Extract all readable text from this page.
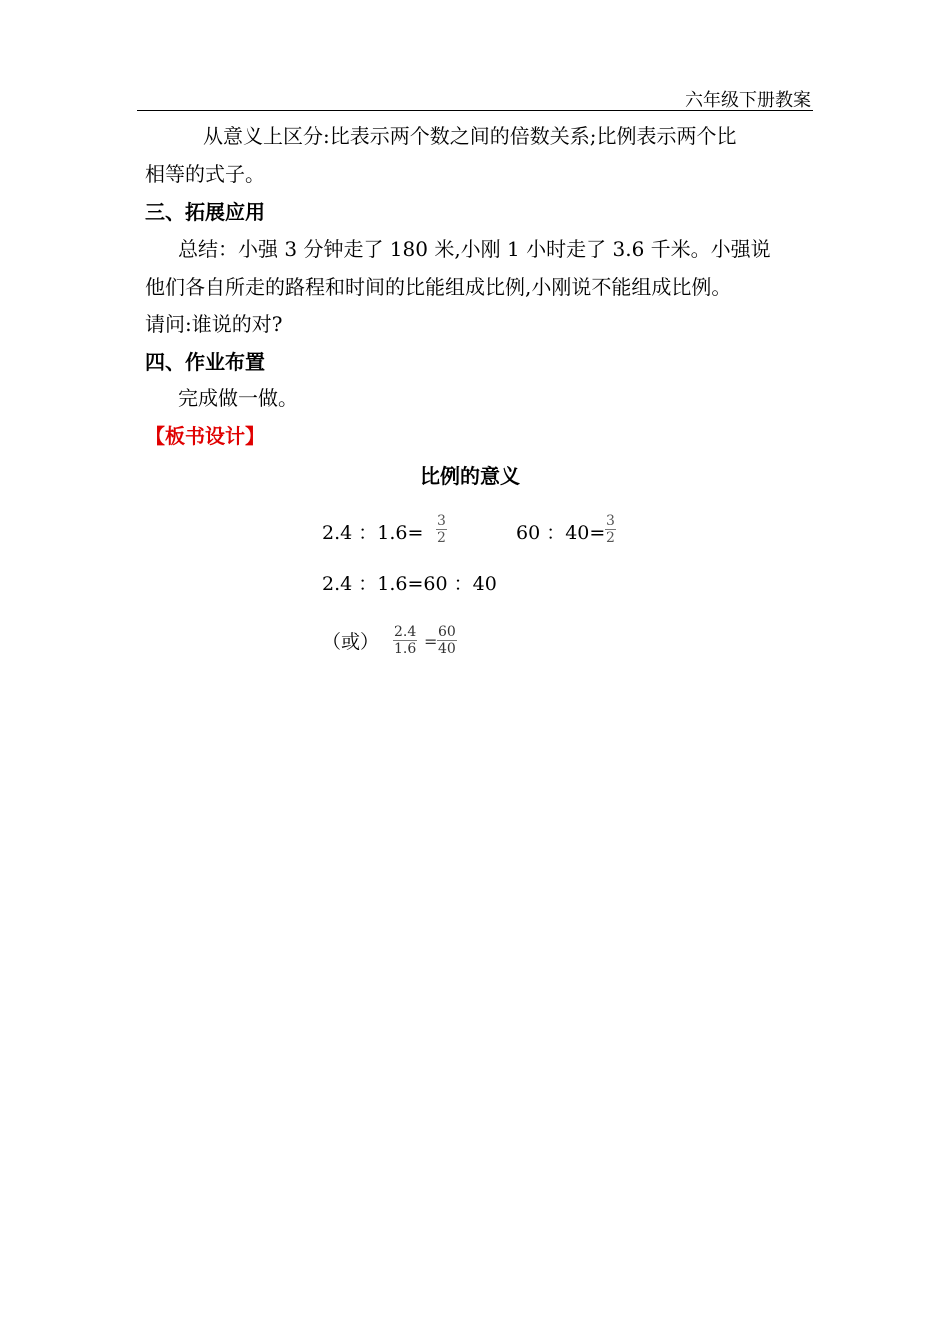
六年级下册教案
从意义上区分:比表示两个数之间的倍数关系;比例表示两个比
相等的式子。
三、拓展应用
总结：小强 3 分钟走了 180 米,小刚 1 小时走了 3.6 千米。小强说
他们各自所走的路程和时间的比能组成比例,小刚说不能组成比例。
请问:谁说的对?
四、作业布置
完成做一做。
【板书设计】
比例的意义
2.4 ：$1.6= \frac{3}{2}$	60 ：$40= \frac{3}{2}$
2.4 ：1.6=60 ：40
（或） $\frac{2.4}{1.6} = \frac{60}{40}$
